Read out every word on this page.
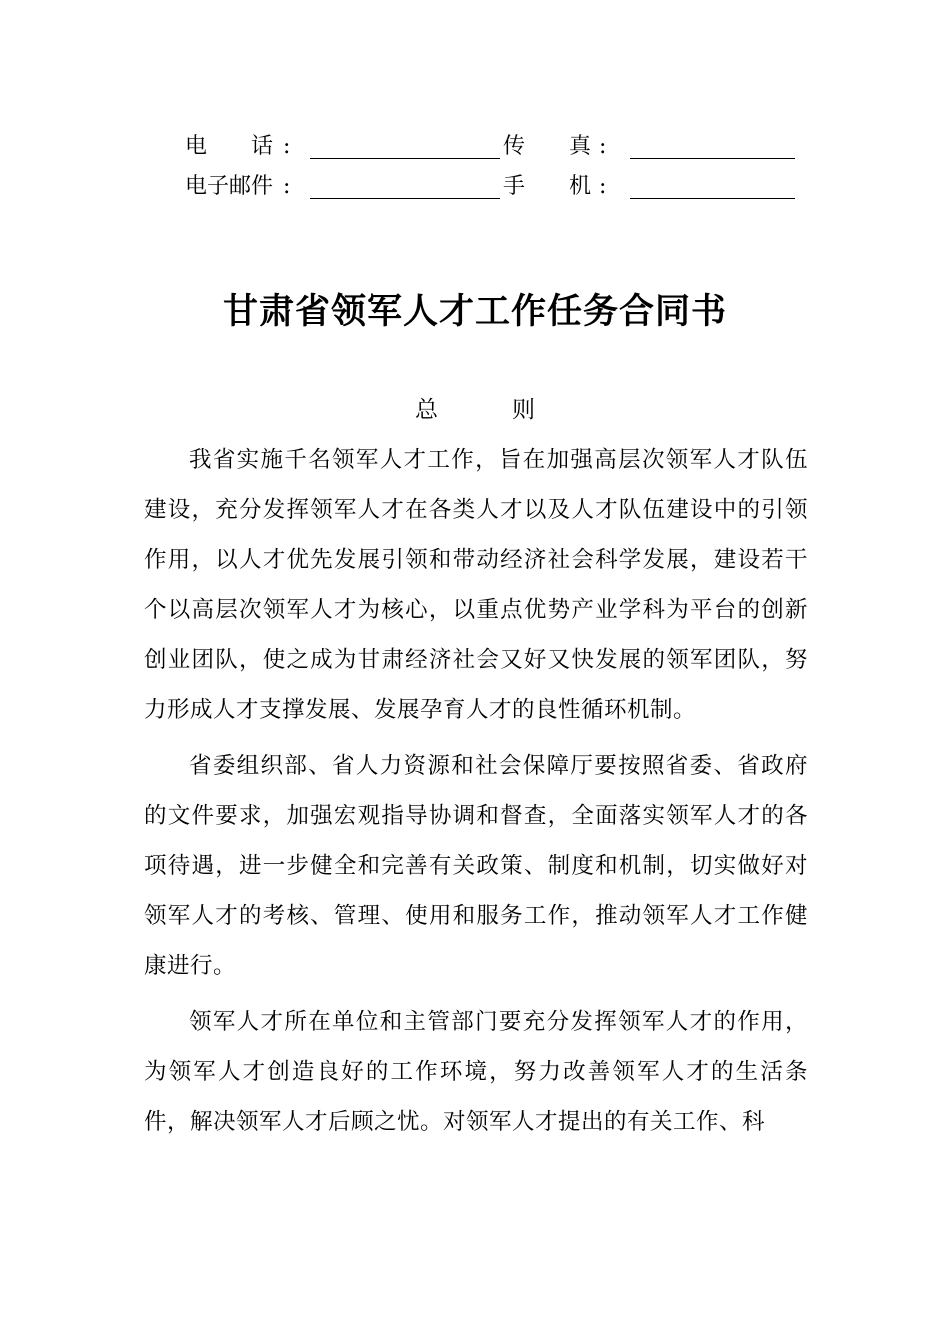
电　　话 :	传　　真 :
电子邮件 :	手　　机 :
甘肃省领军人才工作任务合同书
总	则

我省实施千名领军人才工作，旨在加强高层次领军人才队伍建设，充分发挥领军人才在各类人才以及人才队伍建设中的引领作用，以人才优先发展引领和带动经济社会科学发展，建设若干个以高层次领军人才为核心，以重点优势产业学科为平台的创新创业团队，使之成为甘肃经济社会又好又快发展的领军团队，努力形成人才支撑发展、发展孕育人才的良性循环机制。

省委组织部、省人力资源和社会保障厅要按照省委、省政府的文件要求，加强宏观指导协调和督查，全面落实领军人才的各项待遇，进一步健全和完善有关政策、制度和机制，切实做好对领军人才的考核、管理、使用和服务工作，推动领军人才工作健康进行。

领军人才所在单位和主管部门要充分发挥领军人才的作用，为领军人才创造良好的工作环境，努力改善领军人才的生活条件，解决领军人才后顾之忧。对领军人才提出的有关工作、科
